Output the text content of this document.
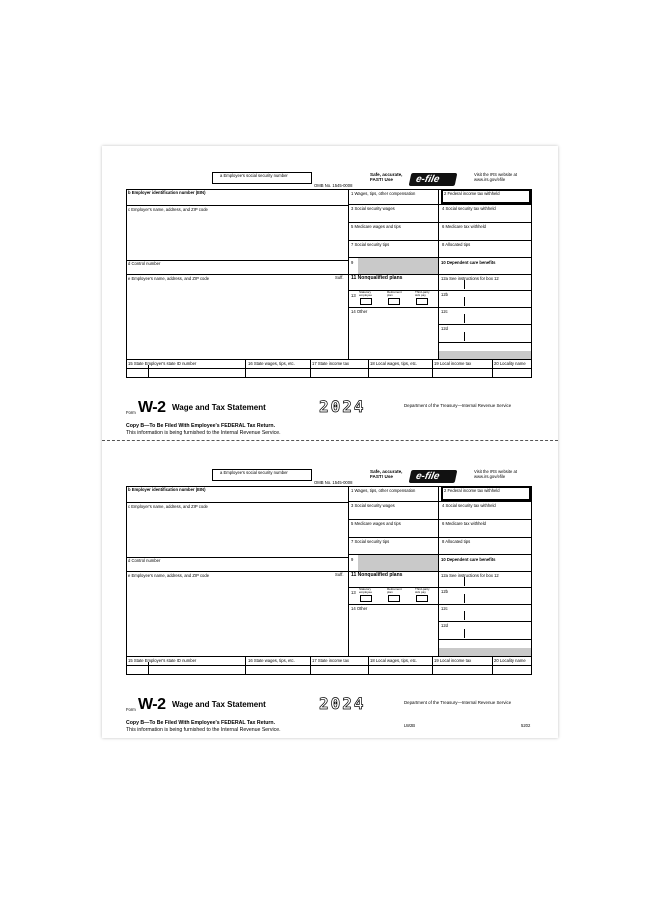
a Employee's social security number
OMB No. 1545-0008
Safe, accurate,
FAST! Use	e-file	Visit the IRS website at
www.irs.gov/efile
b Employer identification number (EIN)
c Employer's name, address, and ZIP code
d Control number
e Employee's name, address, and ZIP code	Suff.
1 Wages, tips, other compensation	2 Federal income tax withheld
3 Social security wages	4 Social security tax withheld
5 Medicare wages and tips	6 Medicare tax withheld
7 Social security tips	8 Allocated tips
9	10 Dependent care benefits
11 Nonqualified plans	12a See instructions for box 12
12b
12c
12d
13
Statutory employee
Retirement plan
Third-party sick pay
14 Other
15 State Employer's state ID number	16 State wages, tips, etc.	17 State income tax	18 Local wages, tips, etc.	19 Local income tax	20 Locality name
Form W-2 Wage and Tax Statement	2024	Department of the Treasury—Internal Revenue Service
Copy B—To Be Filed With Employee's FEDERAL Tax Return.
This information is being furnished to the Internal Revenue Service.
a Employee's social security number
OMB No. 1545-0008
Safe, accurate,
FAST! Use	e-file	Visit the IRS website at
www.irs.gov/efile
b Employer identification number (EIN)
c Employer's name, address, and ZIP code
d Control number
e Employee's name, address, and ZIP code	Suff.
1 Wages, tips, other compensation	2 Federal income tax withheld
3 Social security wages	4 Social security tax withheld
5 Medicare wages and tips	6 Medicare tax withheld
7 Social security tips	8 Allocated tips
9	10 Dependent care benefits
11 Nonqualified plans	12a See instructions for box 12
12b
12c
12d
13
Statutory employee
Retirement plan
Third-party sick pay
14 Other
15 State Employer's state ID number	16 State wages, tips, etc.	17 State income tax	18 Local wages, tips, etc.	19 Local income tax	20 Locality name
Form W-2 Wage and Tax Statement	2024	Department of the Treasury—Internal Revenue Service
Copy B—To Be Filed With Employee's FEDERAL Tax Return.
This information is being furnished to the Internal Revenue Service.
LW2B	5202
